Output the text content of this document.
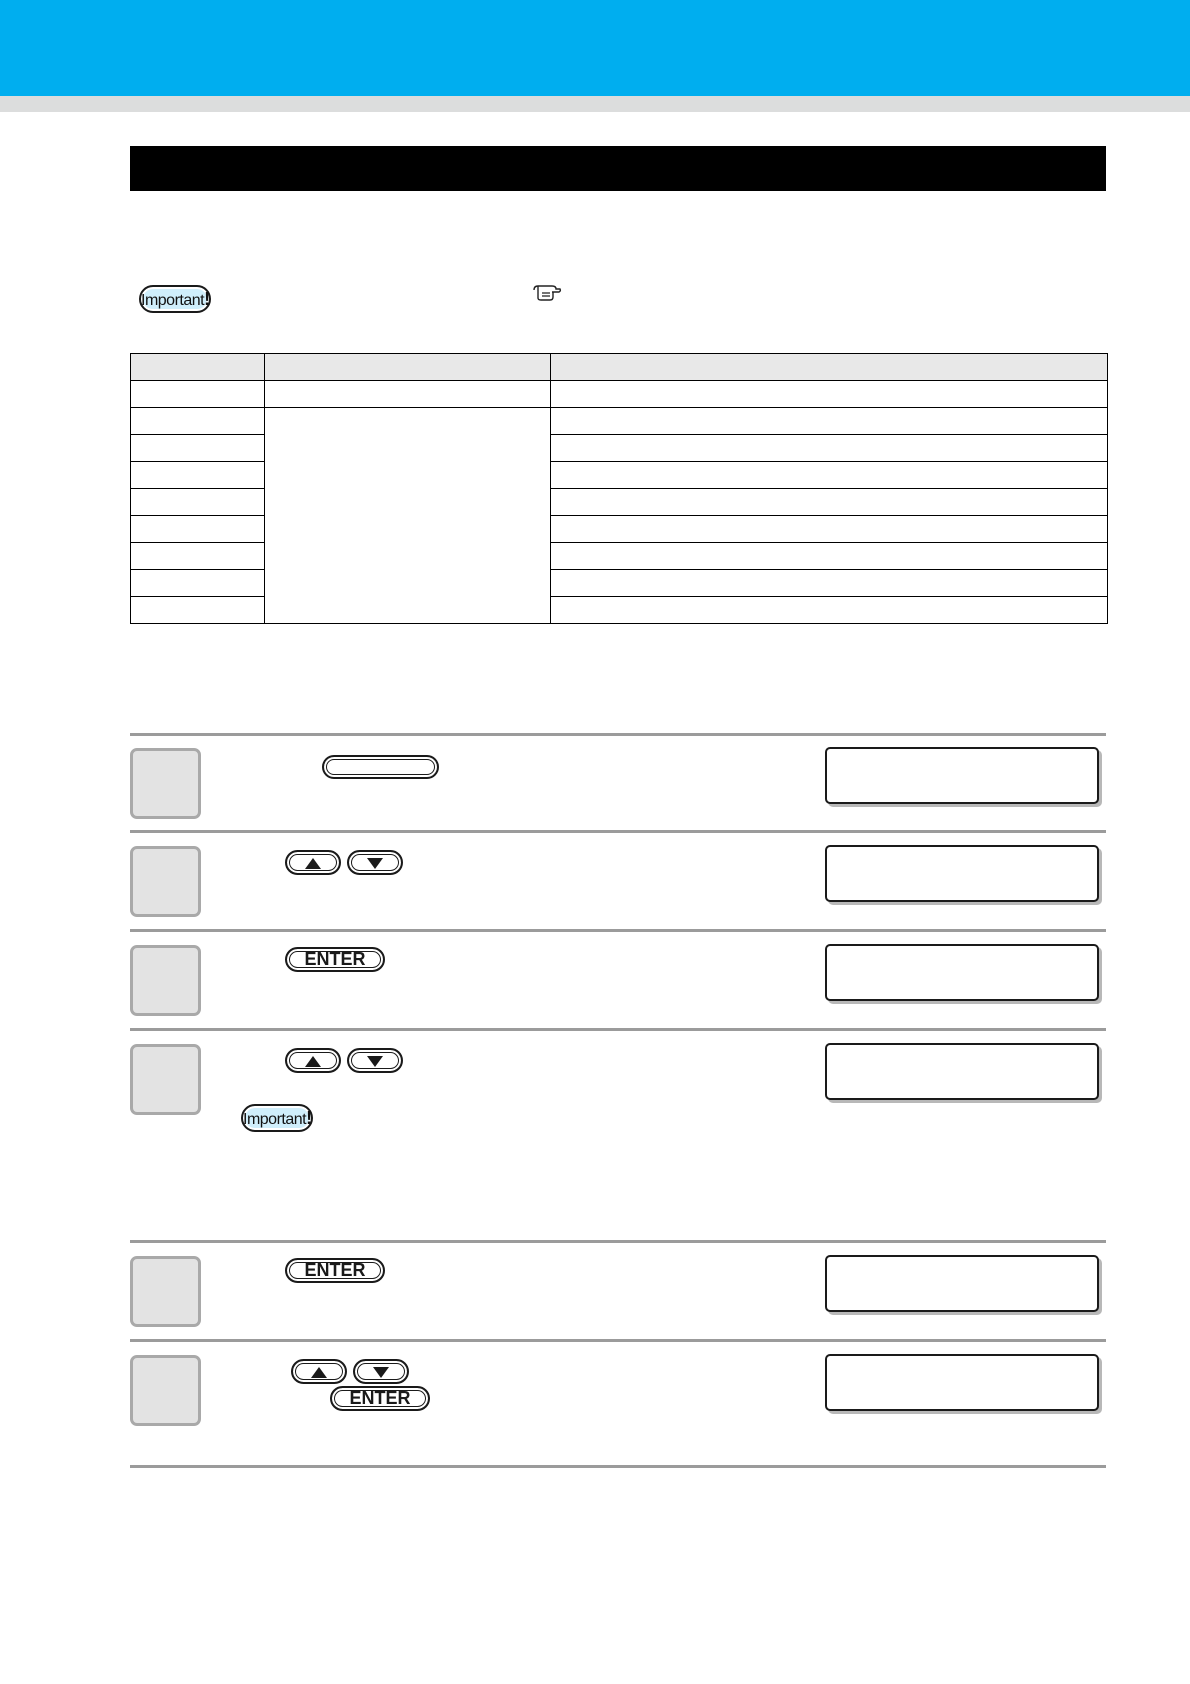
Important!

ENTER
Important!
ENTER
ENTER
